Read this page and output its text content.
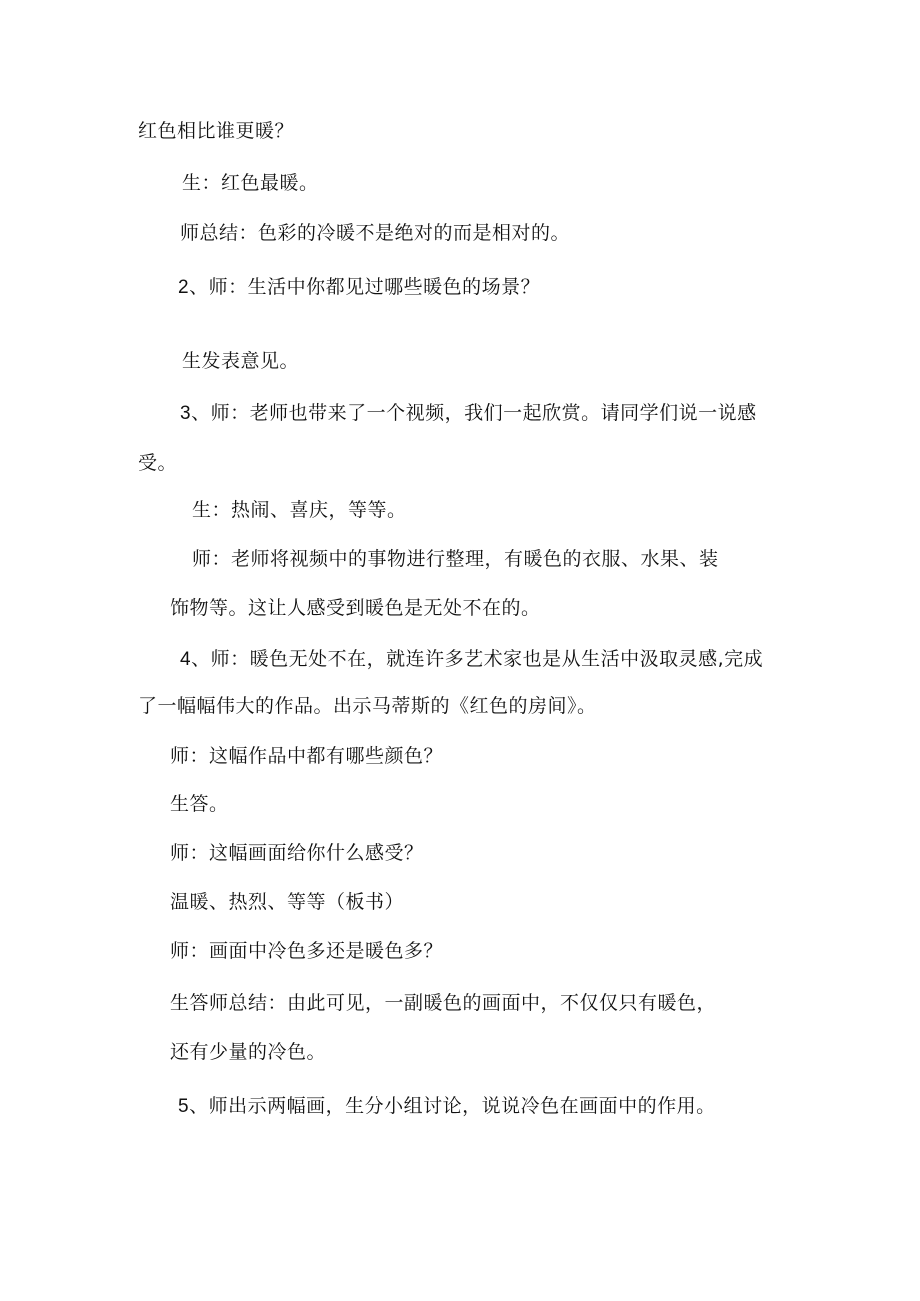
红色相比谁更暖？
生：红色最暖。
师总结：色彩的冷暖不是绝对的而是相对的。
2、师：生活中你都见过哪些暖色的场景？
生发表意见。
3、师：老师也带来了一个视频，我们一起欣赏。请同学们说一说感
受。
生：热闹、喜庆，等等。
师：老师将视频中的事物进行整理，有暖色的衣服、水果、装
饰物等。这让人感受到暖色是无处不在的。
4、师：暖色无处不在，就连许多艺术家也是从生活中汲取灵感,完成
了一幅幅伟大的作品。出示马蒂斯的《红色的房间》。
师：这幅作品中都有哪些颜色？
生答。
师：这幅画面给你什么感受？
温暖、热烈、等等（板书）
师：画面中冷色多还是暖色多？
生答师总结：由此可见，一副暖色的画面中，不仅仅只有暖色，
还有少量的冷色。
5、师出示两幅画，生分小组讨论，说说冷色在画面中的作用。
